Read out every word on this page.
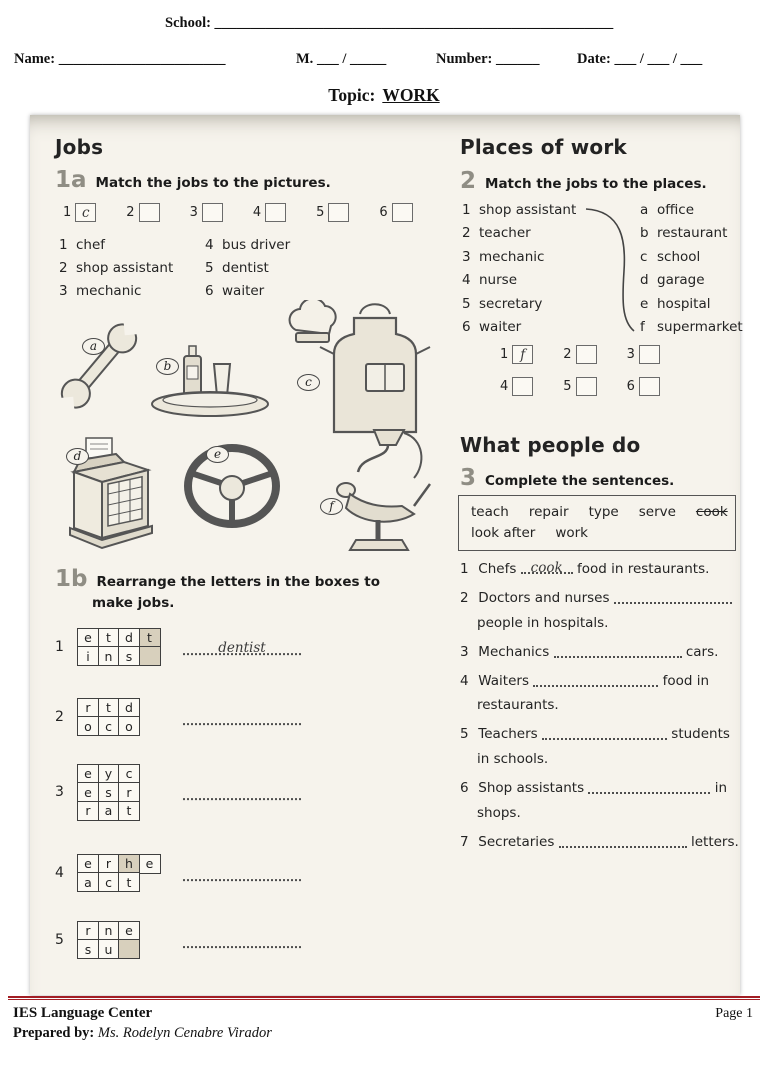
School: _______________________________________________________
Name: _______________________	M. ___ / _____	Number: ______	Date: ___ / ___ / ___
Topic: WORK
Jobs
1a Match the jobs to the pictures.
1 c	2	3	4	5	6
1 chef
2 shop assistant
3 mechanic
4 bus driver
5 dentist
6 waiter
a
b
c
d	e
f
1b Rearrange the letters in the boxes to make jobs.
1
e	t	d	t
i	n	s
dentist
2
r	t	d
o	c	o
3
e	y	c
e	s	r
r	a	t
4
e	r	h	e
a	c	t
5
r	n	e
s	u
Places of work
2 Match the jobs to the places.
1 shop assistant
2 teacher
3 mechanic
4 nurse
5 secretary
6 waiter
a office
b restaurant
c school
d garage
e hospital
f supermarket
1 f	2	3
4	5	6
What people do
3 Complete the sentences.
teach repair type serve cook
look after work
1 Chefs cook food in restaurants.
2 Doctors and nurses  people in hospitals.
3 Mechanics	cars.
4 Waiters	food in restaurants.
5 Teachers	students in schools.
6 Shop assistants	in shops.
7 Secretaries	letters.
IES Language Center	Page 1
Prepared by: Ms. Rodelyn Cenabre Virador
